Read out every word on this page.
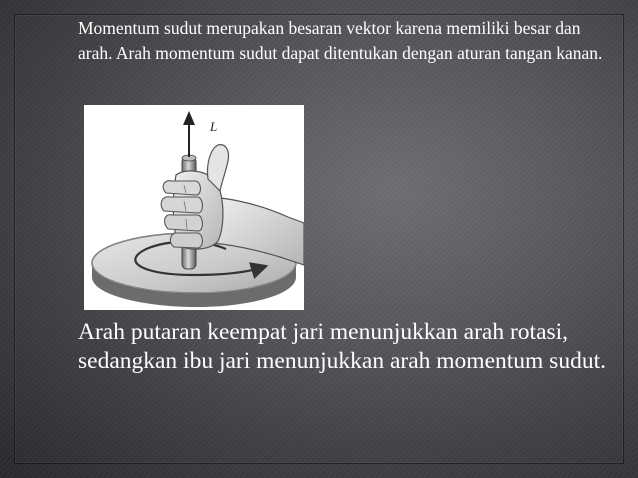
Momentum sudut merupakan besaran vektor karena memiliki besar dan arah. Arah momentum sudut dapat ditentukan dengan aturan tangan kanan.

L

Arah putaran keempat jari menunjukkan arah rotasi, sedangkan ibu jari menunjukkan arah momentum sudut.
